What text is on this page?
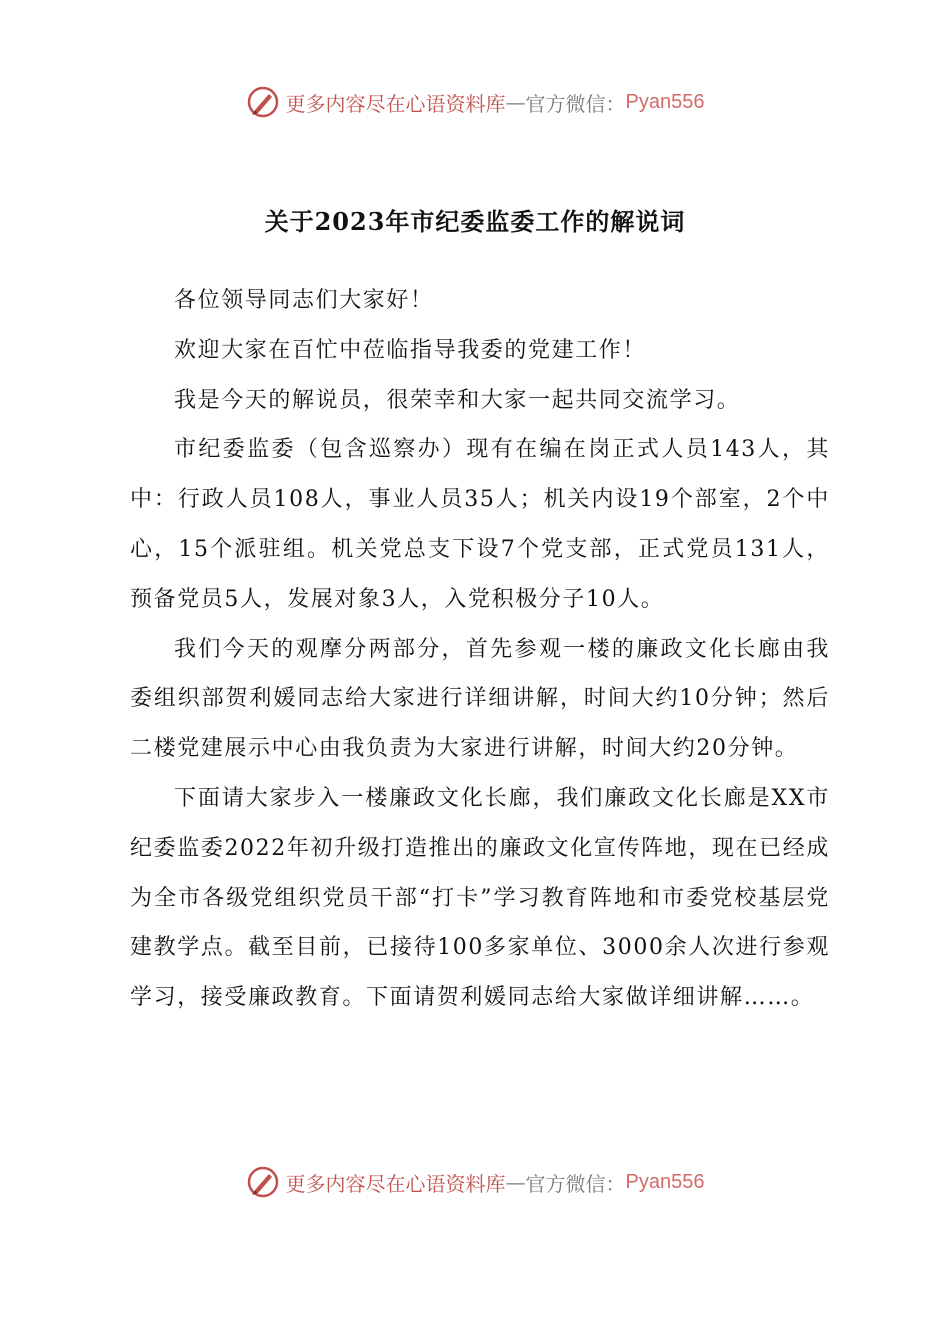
更多内容尽在心语资料库 — 官方微信： Pyan556
关于2023年市纪委监委工作的解说词

各位领导同志们大家好！

欢迎大家在百忙中莅临指导我委的党建工作！

我是今天的解说员，很荣幸和大家一起共同交流学习。

市纪委监委（包含巡察办）现有在编在岗正式人员143人，其中：行政人员108人，事业人员35人；机关内设19个部室，2个中心，15个派驻组。机关党总支下设7个党支部，正式党员131人，预备党员5人，发展对象3人，入党积极分子10人。

我们今天的观摩分两部分，首先参观一楼的廉政文化长廊由我委组织部贺利媛同志给大家进行详细讲解，时间大约10分钟；然后二楼党建展示中心由我负责为大家进行讲解，时间大约20分钟。

下面请大家步入一楼廉政文化长廊，我们廉政文化长廊是XX市纪委监委2022年初升级打造推出的廉政文化宣传阵地，现在已经成为全市各级党组织党员干部“打卡”学习教育阵地和市委党校基层党建教学点。截至目前，已接待100多家单位、3000余人次进行参观学习，接受廉政教育。下面请贺利媛同志给大家做详细讲解……。

更多内容尽在心语资料库 — 官方微信： Pyan556
